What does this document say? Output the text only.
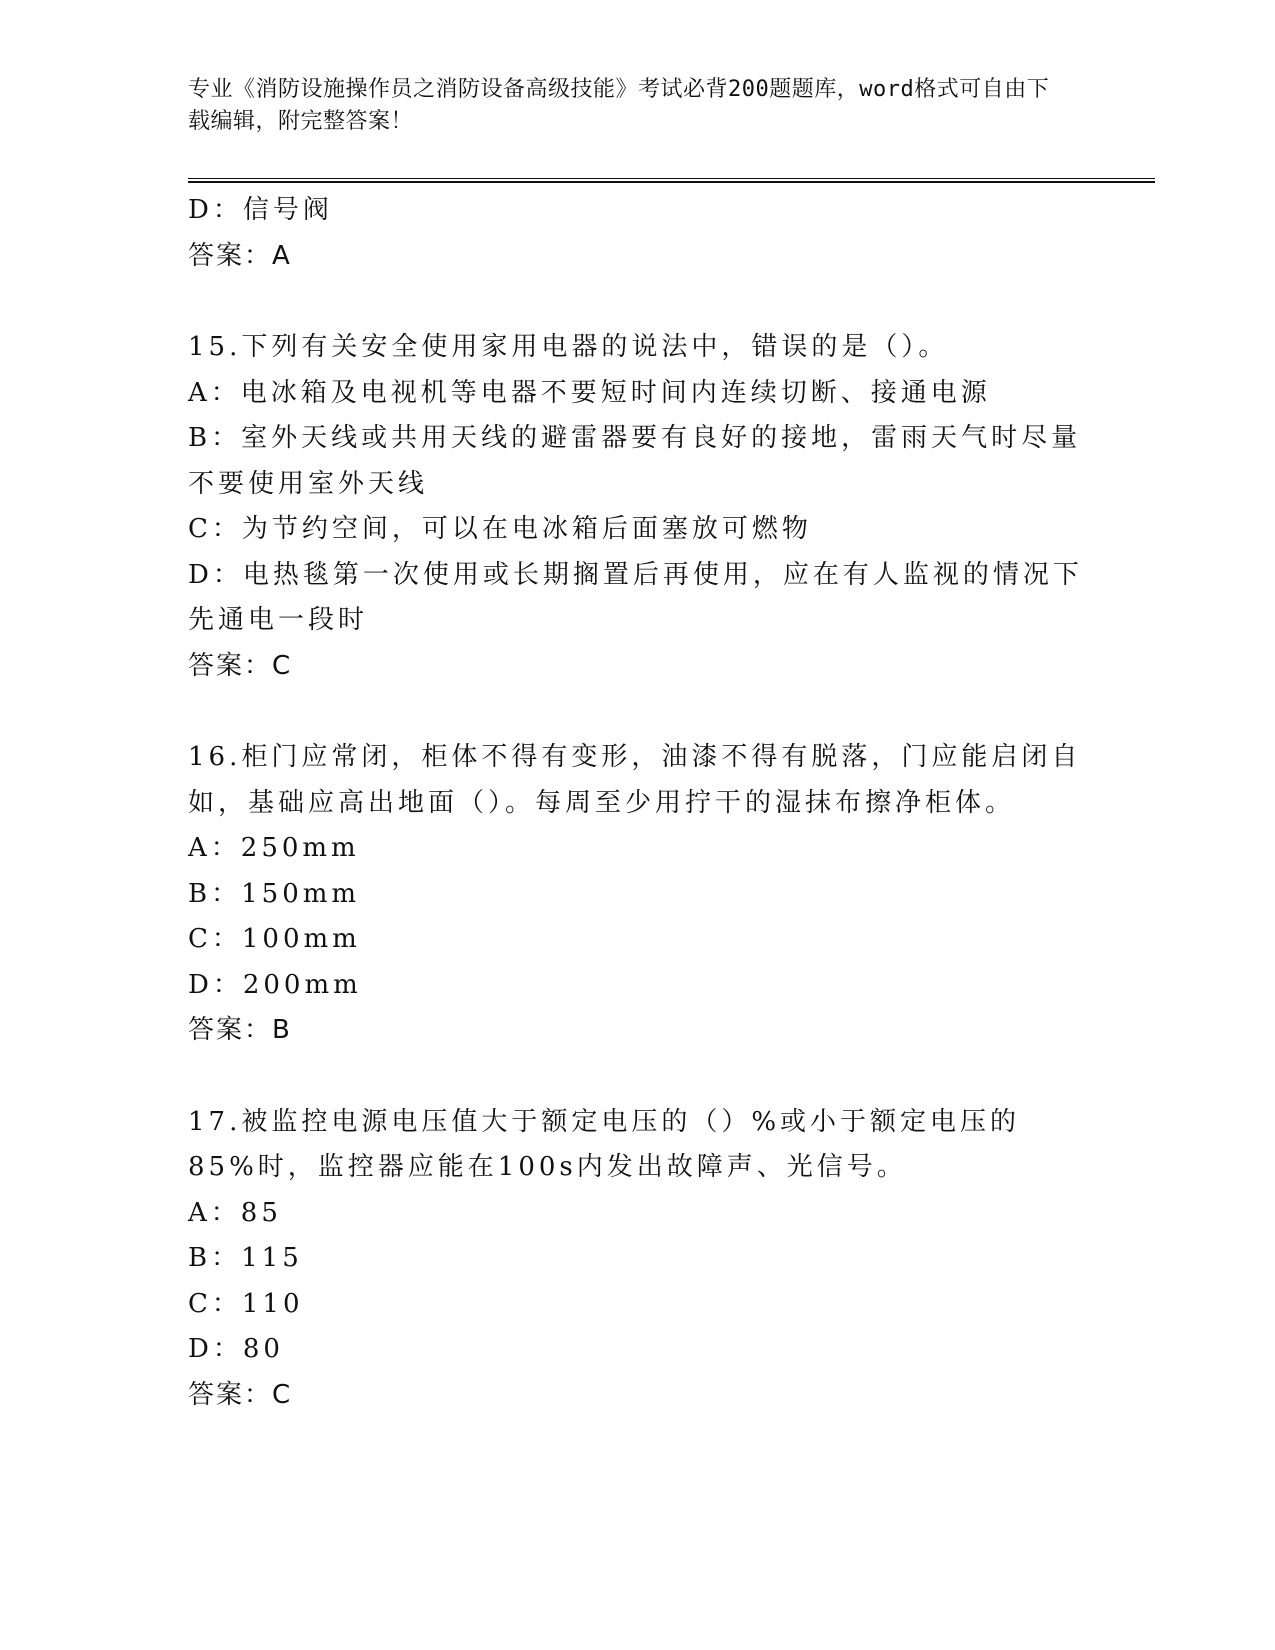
专业《消防设施操作员之消防设备高级技能》考试必背200题题库，word格式可自由下载编辑，附完整答案！
D：信号阀
答案：A
15.下列有关安全使用家用电器的说法中，错误的是（）。
A：电冰箱及电视机等电器不要短时间内连续切断、接通电源
B：室外天线或共用天线的避雷器要有良好的接地，雷雨天气时尽量不要使用室外天线
C：为节约空间，可以在电冰箱后面塞放可燃物
D：电热毯第一次使用或长期搁置后再使用，应在有人监视的情况下先通电一段时
答案：C
16.柜门应常闭，柜体不得有变形，油漆不得有脱落，门应能启闭自如，基础应高出地面（）。每周至少用拧干的湿抹布擦净柜体。
A：250mm
B：150mm
C：100mm
D：200mm
答案：B
17.被监控电源电压值大于额定电压的（）%或小于额定电压的85%时，监控器应能在100s内发出故障声、光信号。
A：85
B：115
C：110
D：80
答案：C
